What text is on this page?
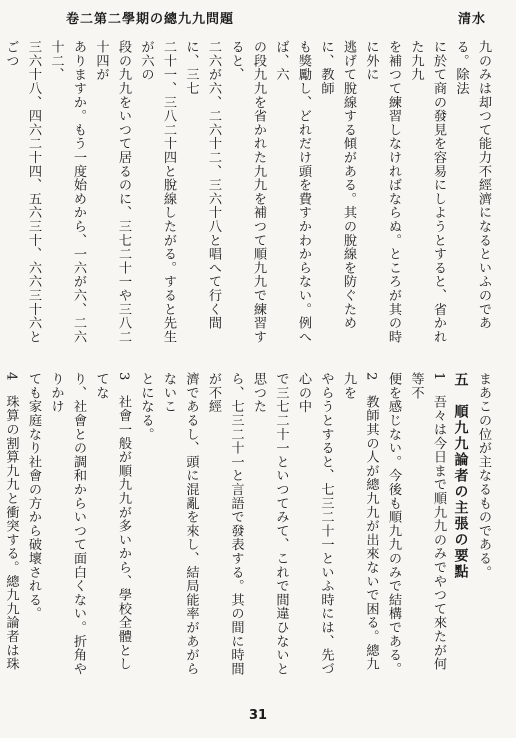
卷二第二學期の總九九問題	清水
九のみは却つて能力不經濟になるといふのである。除法
に於て商の發見を容易にしようとすると、省かれた九九
を補つて練習しなければならぬ。ところが其の時に外に
逃げて脫線する傾がある。其の脫線を防ぐために、教師
も獎勵し、どれだけ頭を費すかわからない。例へば、六
の段九九を省かれた九九を補つて順九九で練習すると、
二六が六、二六十二、三六十八と唱へて行く間に、三七
二十一、三八二十四と脫線したがる。すると先生が六の
段の九九をいつて居るのに、三七二十一や三八二十四が
ありますか。もう一度始めから、一六が六、二六十二、
三六十八、四六二十四、五六三十、六六三十六とごつ
まあこの位が主なるものである。
五　順九九論者の主張の要點
1　吾々は今日まで順九九のみでやつて來たが何等不
便を感じない。今後も順九九のみで結構である。
2　教師其の人が總九九が出來ないで困る。總九九を
やらうとすると、七三二十一といふ時には、先づ心の中
で三七二十一といつてみて、これで間違ひないと思つた
ら、七三二十一と言語で發表する。其の間に時間が不經
濟であるし、頭に混亂を來し、結局能率があがらないこ
とになる。
3　社會一般が順九九が多いから、學校全體としてな
り、社會との調和からいつて面白くない。折角やりかけ
ても家庭なり社會の方から破壞される。
4　珠算の割算九九と衝突する。總九九論者は珠
31
